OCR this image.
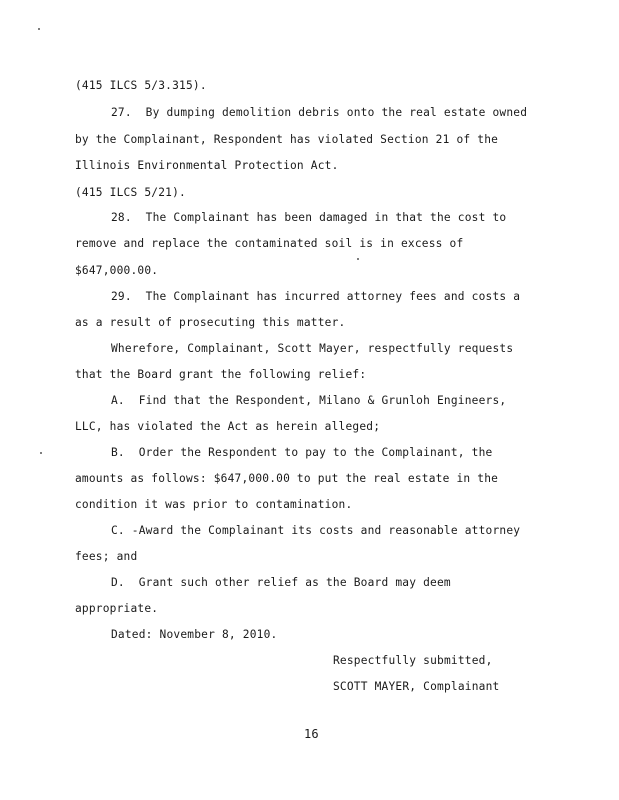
(415 ILCS 5/3.315).
27.  By dumping demolition debris onto the real estate owned
by the Complainant, Respondent has violated Section 21 of the
Illinois Environmental Protection Act.
(415 ILCS 5/21).
28.  The Complainant has been damaged in that the cost to
remove and replace the contaminated soil is in excess of
$647,000.00.
29.  The Complainant has incurred attorney fees and costs a
as a result of prosecuting this matter.
Wherefore, Complainant, Scott Mayer, respectfully requests
that the Board grant the following relief:
A.  Find that the Respondent, Milano & Grunloh Engineers,
LLC, has violated the Act as herein alleged;
B.  Order the Respondent to pay to the Complainant, the
amounts as follows: $647,000.00 to put the real estate in the
condition it was prior to contamination.
C. -Award the Complainant its costs and reasonable attorney
fees; and
D.  Grant such other relief as the Board may deem
appropriate.
Dated: November 8, 2010.
Respectfully submitted,
SCOTT MAYER, Complainant
16
